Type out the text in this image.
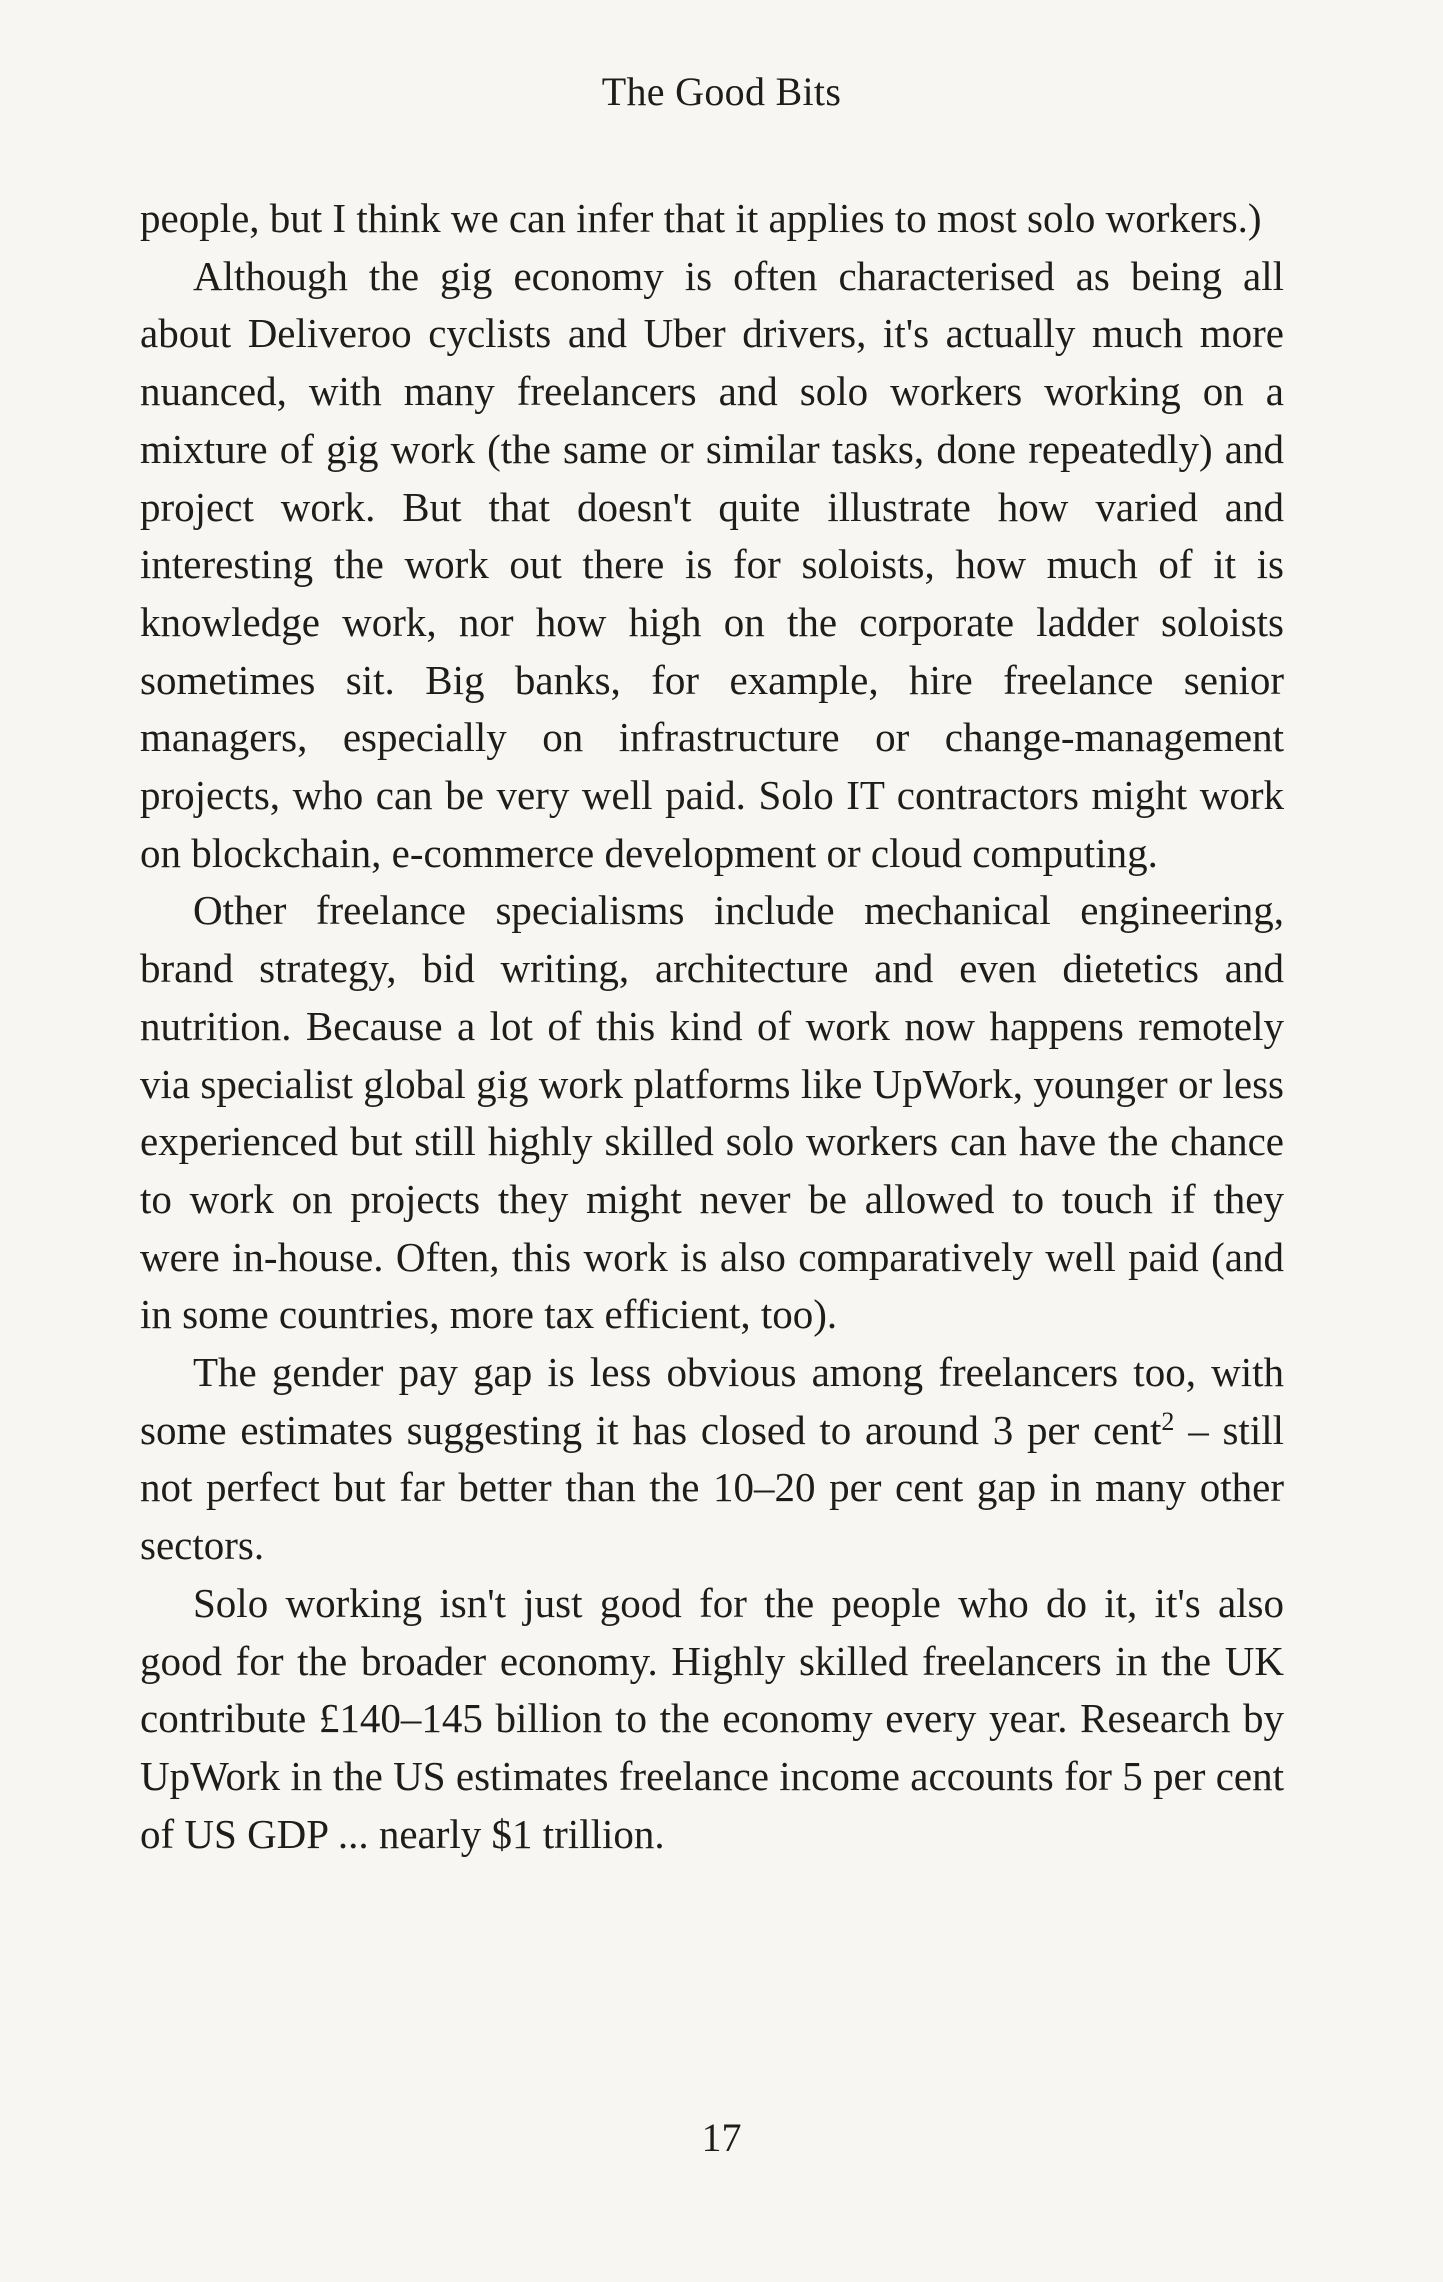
The Good Bits

people, but I think we can infer that it applies to most solo workers.)

Although the gig economy is often characterised as being all about Deliveroo cyclists and Uber drivers, it's actually much more nuanced, with many freelancers and solo workers working on a mixture of gig work (the same or similar tasks, done repeatedly) and project work. But that doesn't quite illustrate how varied and interesting the work out there is for soloists, how much of it is knowledge work, nor how high on the corporate ladder soloists sometimes sit. Big banks, for example, hire freelance senior managers, especially on infrastructure or change-management projects, who can be very well paid. Solo IT contractors might work on blockchain, e-commerce development or cloud computing.

Other freelance specialisms include mechanical engineering, brand strategy, bid writing, architecture and even dietetics and nutrition. Because a lot of this kind of work now happens remotely via specialist global gig work platforms like UpWork, younger or less experienced but still highly skilled solo workers can have the chance to work on projects they might never be allowed to touch if they were in-house. Often, this work is also comparatively well paid (and in some countries, more tax efficient, too).

The gender pay gap is less obvious among freelancers too, with some estimates suggesting it has closed to around 3 per cent$^2$ – still not perfect but far better than the 10–20 per cent gap in many other sectors.

Solo working isn't just good for the people who do it, it's also good for the broader economy. Highly skilled freelancers in the UK contribute £140–145 billion to the economy every year. Research by UpWork in the US estimates freelance income accounts for 5 per cent of US GDP ... nearly $1 trillion.

17
